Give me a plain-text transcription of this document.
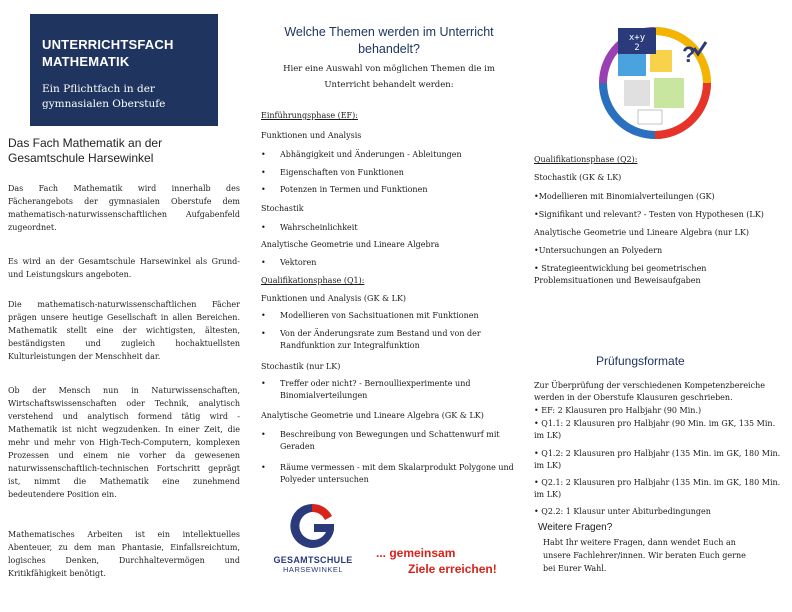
UNTERRICHTSFACH
MATHEMATIK
Ein Pflichtfach in der gymnasialen Oberstufe
Das Fach Mathematik an der Gesamtschule Harsewinkel
Das Fach Mathematik wird innerhalb des Fächerangebots der gymnasialen Oberstufe dem mathematisch-naturwissenschaftlichen Aufgabenfeld zugeordnet.
Es wird an der Gesamtschule Harsewinkel als Grund- und Leistungskurs angeboten.
Die mathematisch-naturwissenschaftlichen Fächer prägen unsere heutige Gesellschaft in allen Bereichen. Mathematik stellt eine der wichtigsten, ältesten, beständigsten und zugleich hochaktuellsten Kulturleistungen der Menschheit dar.
Ob der Mensch nun in Naturwissenschaften, Wirtschaftswissenschaften oder Technik, analytisch verstehend und analytisch formend tätig wird - Mathematik ist nicht wegzudenken. In einer Zeit, die mehr und mehr von High-Tech-Computern, komplexen Prozessen und einem nie vorher da gewesenen naturwissenschaftlich-technischen Fortschritt geprägt ist, nimmt die Mathematik eine zunehmend bedeutendere Position ein.
Mathematisches Arbeiten ist ein intellektuelles Abenteuer, zu dem man Phantasie, Einfallsreichtum, logisches Denken, Durchhaltevermögen und Kritikfähigkeit benötigt.
Welche Themen werden im Unterricht behandelt?
Hier eine Auswahl von möglichen Themen die im Unterricht behandelt werden:
Einführungsphase (EF):
Funktionen und Analysis
• Abhängigkeit und Änderungen - Ableitungen
• Eigenschaften von Funktionen
• Potenzen in Termen und Funktionen
Stochastik
• Wahrscheinlichkeit
Analytische Geometrie und Lineare Algebra
• Vektoren
Qualifikationsphase (Q1):
Funktionen und Analysis (GK & LK)
• Modellieren von Sachsituationen mit Funktionen
• Von der Änderungsrate zum Bestand und von der Randfunktion zur Integralfunktion
Stochastik (nur LK)
• Treffer oder nicht? - Bernoulliexperimente und Binomialverteilungen
Analytische Geometrie und Lineare Algebra (GK & LK)
• Beschreibung von Bewegungen und Schattenwurf mit Geraden
• Räume vermessen - mit dem Skalarprodukt Polygone und Polyeder untersuchen
GESAMTSCHULE
HARSEWINKEL
... gemeinsam
Ziele erreichen!
x+y
2 ?
Qualifikationsphase (Q2):
Stochastik (GK & LK)
•Modellieren mit Binomialverteilungen (GK)
•Signifikant und relevant? - Testen von Hypothesen (LK)
Analytische Geometrie und Lineare Algebra (nur LK)
•Untersuchungen an Polyedern
• Strategieentwicklung bei geometrischen Problemsituationen und Beweisaufgaben
Prüfungsformate
Zur Überprüfung der verschiedenen Kompetenzbereiche werden in der Oberstufe Klausuren geschrieben.
• EF: 2 Klausuren pro Halbjahr (90 Min.)
• Q1.1: 2 Klausuren pro Halbjahr (90 Min. im GK, 135 Min. im LK)
• Q1.2: 2 Klausuren pro Halbjahr (135 Min. im GK, 180 Min. im LK)
• Q2.1: 2 Klausuren pro Halbjahr (135 Min. im GK, 180 Min. im LK)
• Q2.2: 1 Klausur unter Abiturbedingungen
Weitere Fragen?
Habt Ihr weitere Fragen, dann wendet Euch an unsere Fachlehrer/innen. Wir beraten Euch gerne bei Eurer Wahl.
